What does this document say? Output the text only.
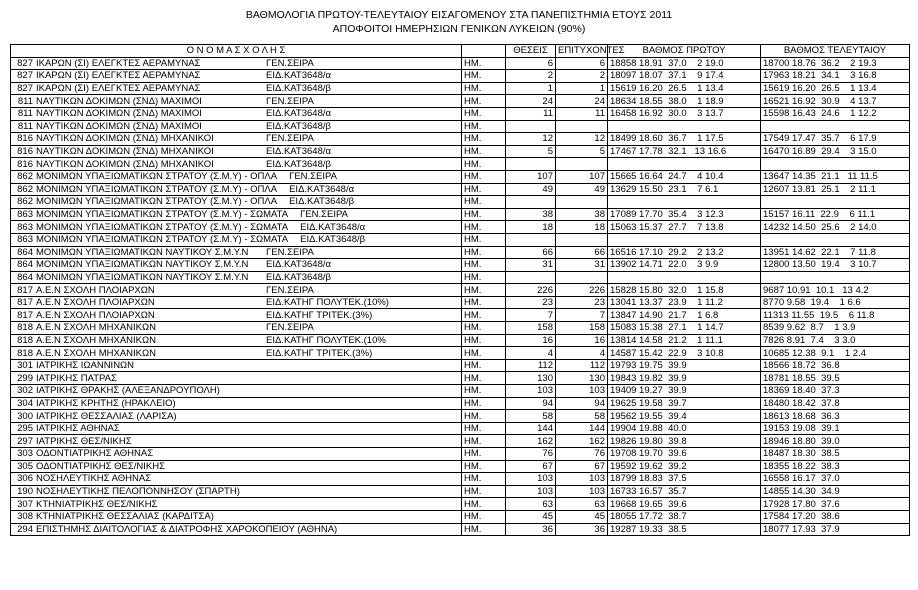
ΒΑΘΜΟΛΟΓΙΑ ΠΡΩΤΟΥ-ΤΕΛΕΥΤΑΙΟΥ ΕΙΣΑΓΟΜΕΝΟΥ ΣΤΑ ΠΑΝΕΠΙΣΤΗΜΙΑ ΕΤΟΥΣ 2011
ΑΠΟΦΟΙΤΟΙ ΗΜΕΡΗΣΙΩΝ ΓΕΝΙΚΩΝ ΛΥΚΕΙΩΝ (90%)
Ο Ν Ο Μ Α Σ Χ Ο Λ Η Σ		ΘΕΣΕΙΣ	ΕΠΙΤΥΧΟΝΤΕΣ	ΒΑΘΜΟΣ ΠΡΩΤΟΥ	ΒΑΘΜΟΣ ΤΕΛΕΥΤΑΙΟΥ
827 ΙΚΑΡΩΝ (ΣΙ) ΕΛΕΓΚΤΕΣ ΑΕΡΑΜΥΝΑΣ ΓΕΝ.ΣΕΙΡΑ	ΗΜ.	6	6	18858 18.91  37.0    2 19.0	18700 18.76  36.2    2 19.3
827 ΙΚΑΡΩΝ (ΣΙ) ΕΛΕΓΚΤΕΣ ΑΕΡΑΜΥΝΑΣ ΕΙΔ.ΚΑΤ3648/α	ΗΜ.	2	2	18097 18.07  37.1    9 17.4	17963 18.21  34.1    3 16.8
827 ΙΚΑΡΩΝ (ΣΙ) ΕΛΕΓΚΤΕΣ ΑΕΡΑΜΥΝΑΣ ΕΙΔ.ΚΑΤ3648/β	ΗΜ.	1	1	15619 16.20  26.5    1 13.4	15619 16.20  26.5    1 13.4
811 ΝΑΥΤΙΚΩΝ ΔΟΚΙΜΩΝ (ΣΝΔ) ΜΑΧΙΜΟΙ ΓΕΝ.ΣΕΙΡΑ	ΗΜ.	24	24	18634 18.55  38.0    1 18.9	16521 16.92  30.9    4 13.7
811 ΝΑΥΤΙΚΩΝ ΔΟΚΙΜΩΝ (ΣΝΔ) ΜΑΧΙΜΟΙ ΕΙΔ.ΚΑΤ3648/α	ΗΜ.	11	11	16458 16.92  30.0    3 13.7	15598 16.43  24.6    1 12.2
811 ΝΑΥΤΙΚΩΝ ΔΟΚΙΜΩΝ (ΣΝΔ) ΜΑΧΙΜΟΙ ΕΙΔ.ΚΑΤ3648/β	ΗΜ.				
816 ΝΑΥΤΙΚΩΝ ΔΟΚΙΜΩΝ (ΣΝΔ) ΜΗΧΑΝΙΚΟΙ ΓΕΝ.ΣΕΙΡΑ	ΗΜ.	12	12	18499 18.60  36.7    1 17.5	17549 17.47  35.7    6 17.9
816 ΝΑΥΤΙΚΩΝ ΔΟΚΙΜΩΝ (ΣΝΔ) ΜΗΧΑΝΙΚΟΙ ΕΙΔ.ΚΑΤ3648/α	ΗΜ.	5	5	17467 17.78  32.1   13 16.6	16470 16.89  29.4    3 15.0
816 ΝΑΥΤΙΚΩΝ ΔΟΚΙΜΩΝ (ΣΝΔ) ΜΗΧΑΝΙΚΟΙ ΕΙΔ.ΚΑΤ3648/β	ΗΜ.				
862 ΜΟΝΙΜΩΝ ΥΠΑΞΙΩΜΑΤΙΚΩΝ ΣΤΡΑΤΟΥ (Σ.Μ.Υ) - ΟΠΛΑ ΓΕΝ.ΣΕΙΡΑ	ΗΜ.	107	107	15665 16.64  24.7    4 10.4	13647 14.35  21.1   11 11.5
862 ΜΟΝΙΜΩΝ ΥΠΑΞΙΩΜΑΤΙΚΩΝ ΣΤΡΑΤΟΥ (Σ.Μ.Υ) - ΟΠΛΑ ΕΙΔ.ΚΑΤ3648/α	ΗΜ.	49	49	13629 15.50  23.1    7 6.1	12607 13.81  25.1    2 11.1
862 ΜΟΝΙΜΩΝ ΥΠΑΞΙΩΜΑΤΙΚΩΝ ΣΤΡΑΤΟΥ (Σ.Μ.Υ) - ΟΠΛΑ ΕΙΔ.ΚΑΤ3648/β	ΗΜ.				
863 ΜΟΝΙΜΩΝ ΥΠΑΞΙΩΜΑΤΙΚΩΝ ΣΤΡΑΤΟΥ (Σ.Μ.Υ) - ΣΩΜΑΤΑ ΓΕΝ.ΣΕΙΡΑ	ΗΜ.	38	38	17089 17.70  35.4    3 12.3	15157 16.11  22.9    6 11.1
863 ΜΟΝΙΜΩΝ ΥΠΑΞΙΩΜΑΤΙΚΩΝ ΣΤΡΑΤΟΥ (Σ.Μ.Υ) - ΣΩΜΑΤΑ ΕΙΔ.ΚΑΤ3648/α	ΗΜ.	18	18	15063 15.37  27.7    7 13.8	14232 14.50  25.6    2 14.0
863 ΜΟΝΙΜΩΝ ΥΠΑΞΙΩΜΑΤΙΚΩΝ ΣΤΡΑΤΟΥ (Σ.Μ.Υ) - ΣΩΜΑΤΑ ΕΙΔ.ΚΑΤ3648/β	ΗΜ.				
864 ΜΟΝΙΜΩΝ ΥΠΑΞΙΩΜΑΤΙΚΩΝ ΝΑΥΤΙΚΟΥ Σ.Μ.Υ.Ν ΓΕΝ.ΣΕΙΡΑ	ΗΜ.	66	66	16516 17.10  29.2    2 13.2	13951 14.62  22.1    7 11.8
864 ΜΟΝΙΜΩΝ ΥΠΑΞΙΩΜΑΤΙΚΩΝ ΝΑΥΤΙΚΟΥ Σ.Μ.Υ.Ν ΕΙΔ.ΚΑΤ3648/α	ΗΜ.	31	31	13902 14.71  22.0    3 9.9	12800 13.50  19.4    3 10.7
864 ΜΟΝΙΜΩΝ ΥΠΑΞΙΩΜΑΤΙΚΩΝ ΝΑΥΤΙΚΟΥ Σ.Μ.Υ.Ν ΕΙΔ.ΚΑΤ3648/β	ΗΜ.				
817 Α.Ε.Ν ΣΧΟΛΗ ΠΛΟΙΑΡΧΩΝ ΓΕΝ.ΣΕΙΡΑ	ΗΜ.	226	226	15828 15.80  32.0    1 15.8	9687 10.91  10.1   13 4.2
817 Α.Ε.Ν ΣΧΟΛΗ ΠΛΟΙΑΡΧΩΝ ΕΙΔ.ΚΑΤΗΓ ΠΟΛΥΤΕΚ.(10%)	ΗΜ.	23	23	13041 13.37  23.9    1 11.2	8770 9.58  19.4    1 6.6
817 Α.Ε.Ν ΣΧΟΛΗ ΠΛΟΙΑΡΧΩΝ ΕΙΔ.ΚΑΤΗΓ ΤΡΙΤΕΚ.(3%)	ΗΜ.	7	7	13847 14.90  21.7    1 6.8	11313 11.55  19.5    6 11.8
818 Α.Ε.Ν ΣΧΟΛΗ ΜΗΧΑΝΙΚΩΝ ΓΕΝ.ΣΕΙΡΑ	ΗΜ.	158	158	15083 15.38  27.1    1 14.7	8539 9.62  8.7    1 3.9
818 Α.Ε.Ν ΣΧΟΛΗ ΜΗΧΑΝΙΚΩΝ ΕΙΔ.ΚΑΤΗΓ ΠΟΛΥΤΕΚ.(10%	ΗΜ.	16	16	13814 14.58  21.2    1 11.1	7826 8.91  7.4    3 3.0
818 Α.Ε.Ν ΣΧΟΛΗ ΜΗΧΑΝΙΚΩΝ ΕΙΔ.ΚΑΤΗΓ ΤΡΙΤΕΚ.(3%)	ΗΜ.	4	4	14587 15.42  22.9    3 10.8	10685 12.38  9.1    1 2.4
301 ΙΑΤΡΙΚΗΣ ΙΩΑΝΝΙΝΩΝ	ΗΜ.	112	112	19793 19.75  39.9	18566 18.72  36.8
299 ΙΑΤΡΙΚΗΣ ΠΑΤΡΑΣ	ΗΜ.	130	130	19843 19.82  39.9	18781 18.55  39.5
302 ΙΑΤΡΙΚΗΣ ΘΡΑΚΗΣ (ΑΛΕΞΑΝΔΡΟΥΠΟΛΗ)	ΗΜ.	103	103	19409 19.27  39.9	18369 18.40  37.3
304 ΙΑΤΡΙΚΗΣ ΚΡΗΤΗΣ (ΗΡΑΚΛΕΙΟ)	ΗΜ.	94	94	19625 19.58  39.7	18480 18.42  37.8
300 ΙΑΤΡΙΚΗΣ ΘΕΣΣΑΛΙΑΣ (ΛΑΡΙΣΑ)	ΗΜ.	58	58	19562 19.55  39.4	18613 18.68  36.3
295 ΙΑΤΡΙΚΗΣ ΑΘΗΝΑΣ	ΗΜ.	144	144	19904 19.88  40.0	19153 19.08  39.1
297 ΙΑΤΡΙΚΗΣ ΘΕΣ/ΝΙΚΗΣ	ΗΜ.	162	162	19826 19.80  39.8	18946 18.80  39.0
303 ΟΔΟΝΤΙΑΤΡΙΚΗΣ ΑΘΗΝΑΣ	ΗΜ.	76	76	19708 19.70  39.6	18487 18.30  38.5
305 ΟΔΟΝΤΙΑΤΡΙΚΗΣ ΘΕΣ/ΝΙΚΗΣ	ΗΜ.	67	67	19592 19.62  39.2	18355 18.22  38.3
306 ΝΟΣΗΛΕΥΤΙΚΗΣ ΑΘΗΝΑΣ	ΗΜ.	103	103	18799 18.83  37.5	16558 16.17  37.0
190 ΝΟΣΗΛΕΥΤΙΚΗΣ ΠΕΛΟΠΟΝΝΗΣΟΥ (ΣΠΑΡΤΗ)	ΗΜ.	103	103	16733 16.57  35.7	14855 14.30  34.9
307 ΚΤΗΝΙΑΤΡΙΚΗΣ ΘΕΣ/ΝΙΚΗΣ	ΗΜ.	63	63	19668 19.65  39.6	17928 17.80  37.6
308 ΚΤΗΝΙΑΤΡΙΚΗΣ ΘΕΣΣΑΛΙΑΣ (ΚΑΡΔΙΤΣΑ)	ΗΜ.	45	45	18055 17.72  38.7	17584 17.20  38.6
294 ΕΠΙΣΤΗΜΗΣ ΔΙΑΙΤΟΛΟΓΙΑΣ & ΔΙΑΤΡΟΦΗΣ ΧΑΡΟΚΟΠΕΙΟΥ (ΑΘΗΝΑ)	ΗΜ.	36	36	19287 19.33  38.5	18077 17.93  37.9
